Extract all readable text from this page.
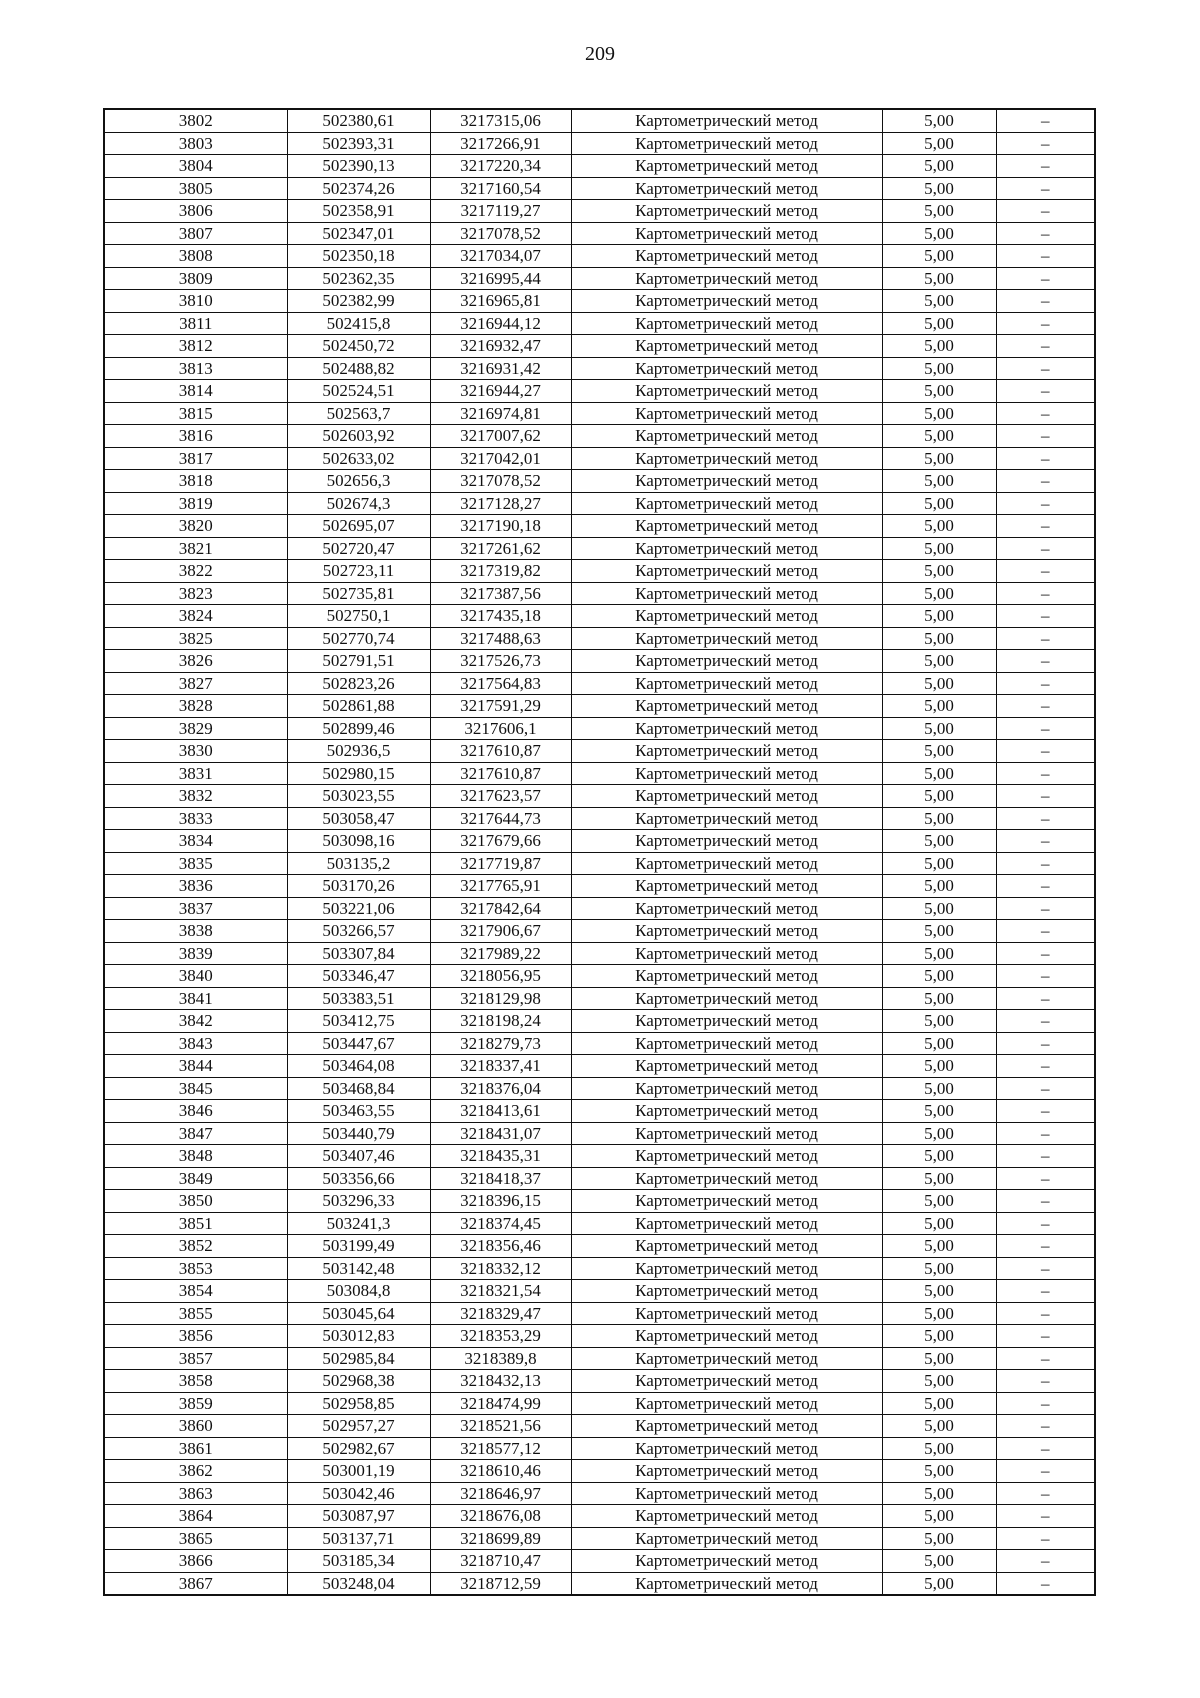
209
3802	502380,61	3217315,06	Картометрический метод	5,00	–
3803	502393,31	3217266,91	Картометрический метод	5,00	–
3804	502390,13	3217220,34	Картометрический метод	5,00	–
3805	502374,26	3217160,54	Картометрический метод	5,00	–
3806	502358,91	3217119,27	Картометрический метод	5,00	–
3807	502347,01	3217078,52	Картометрический метод	5,00	–
3808	502350,18	3217034,07	Картометрический метод	5,00	–
3809	502362,35	3216995,44	Картометрический метод	5,00	–
3810	502382,99	3216965,81	Картометрический метод	5,00	–
3811	502415,8	3216944,12	Картометрический метод	5,00	–
3812	502450,72	3216932,47	Картометрический метод	5,00	–
3813	502488,82	3216931,42	Картометрический метод	5,00	–
3814	502524,51	3216944,27	Картометрический метод	5,00	–
3815	502563,7	3216974,81	Картометрический метод	5,00	–
3816	502603,92	3217007,62	Картометрический метод	5,00	–
3817	502633,02	3217042,01	Картометрический метод	5,00	–
3818	502656,3	3217078,52	Картометрический метод	5,00	–
3819	502674,3	3217128,27	Картометрический метод	5,00	–
3820	502695,07	3217190,18	Картометрический метод	5,00	–
3821	502720,47	3217261,62	Картометрический метод	5,00	–
3822	502723,11	3217319,82	Картометрический метод	5,00	–
3823	502735,81	3217387,56	Картометрический метод	5,00	–
3824	502750,1	3217435,18	Картометрический метод	5,00	–
3825	502770,74	3217488,63	Картометрический метод	5,00	–
3826	502791,51	3217526,73	Картометрический метод	5,00	–
3827	502823,26	3217564,83	Картометрический метод	5,00	–
3828	502861,88	3217591,29	Картометрический метод	5,00	–
3829	502899,46	3217606,1	Картометрический метод	5,00	–
3830	502936,5	3217610,87	Картометрический метод	5,00	–
3831	502980,15	3217610,87	Картометрический метод	5,00	–
3832	503023,55	3217623,57	Картометрический метод	5,00	–
3833	503058,47	3217644,73	Картометрический метод	5,00	–
3834	503098,16	3217679,66	Картометрический метод	5,00	–
3835	503135,2	3217719,87	Картометрический метод	5,00	–
3836	503170,26	3217765,91	Картометрический метод	5,00	–
3837	503221,06	3217842,64	Картометрический метод	5,00	–
3838	503266,57	3217906,67	Картометрический метод	5,00	–
3839	503307,84	3217989,22	Картометрический метод	5,00	–
3840	503346,47	3218056,95	Картометрический метод	5,00	–
3841	503383,51	3218129,98	Картометрический метод	5,00	–
3842	503412,75	3218198,24	Картометрический метод	5,00	–
3843	503447,67	3218279,73	Картометрический метод	5,00	–
3844	503464,08	3218337,41	Картометрический метод	5,00	–
3845	503468,84	3218376,04	Картометрический метод	5,00	–
3846	503463,55	3218413,61	Картометрический метод	5,00	–
3847	503440,79	3218431,07	Картометрический метод	5,00	–
3848	503407,46	3218435,31	Картометрический метод	5,00	–
3849	503356,66	3218418,37	Картометрический метод	5,00	–
3850	503296,33	3218396,15	Картометрический метод	5,00	–
3851	503241,3	3218374,45	Картометрический метод	5,00	–
3852	503199,49	3218356,46	Картометрический метод	5,00	–
3853	503142,48	3218332,12	Картометрический метод	5,00	–
3854	503084,8	3218321,54	Картометрический метод	5,00	–
3855	503045,64	3218329,47	Картометрический метод	5,00	–
3856	503012,83	3218353,29	Картометрический метод	5,00	–
3857	502985,84	3218389,8	Картометрический метод	5,00	–
3858	502968,38	3218432,13	Картометрический метод	5,00	–
3859	502958,85	3218474,99	Картометрический метод	5,00	–
3860	502957,27	3218521,56	Картометрический метод	5,00	–
3861	502982,67	3218577,12	Картометрический метод	5,00	–
3862	503001,19	3218610,46	Картометрический метод	5,00	–
3863	503042,46	3218646,97	Картометрический метод	5,00	–
3864	503087,97	3218676,08	Картометрический метод	5,00	–
3865	503137,71	3218699,89	Картометрический метод	5,00	–
3866	503185,34	3218710,47	Картометрический метод	5,00	–
3867	503248,04	3218712,59	Картометрический метод	5,00	–
